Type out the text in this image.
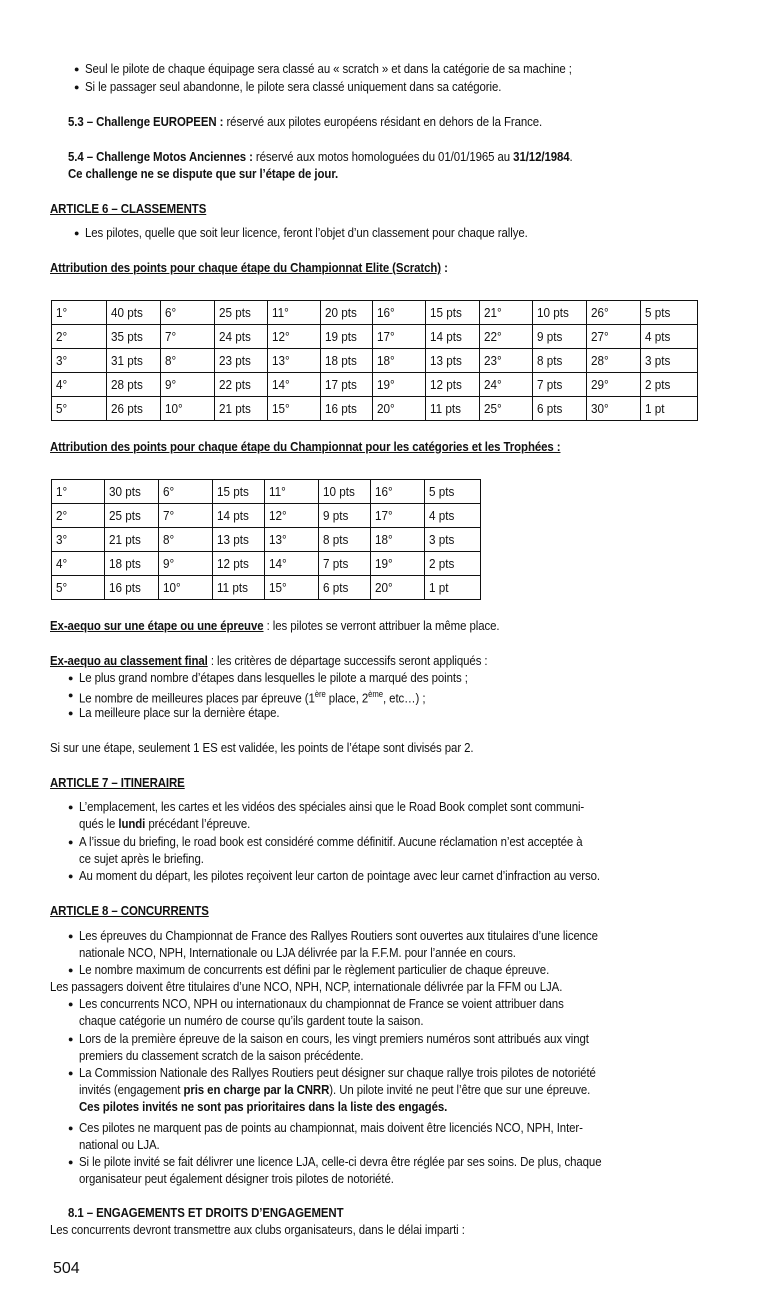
● Seul le pilote de chaque équipage sera classé au « scratch » et dans la catégorie de sa machine ;
● Si le passager seul abandonne, le pilote sera classé uniquement dans sa catégorie.
5.3 – Challenge EUROPEEN : réservé aux pilotes européens résidant en dehors de la France.
5.4 – Challenge Motos Anciennes : réservé aux motos homologuées du 01/01/1965 au 31/12/1984.
Ce challenge ne se dispute que sur l’étape de jour.
ARTICLE 6 – CLASSEMENTS
● Les pilotes, quelle que soit leur licence, feront l’objet d’un classement pour chaque rallye.
Attribution des points pour chaque étape du Championnat Elite (Scratch) :
1°	40 pts	6°	25 pts	11°	20 pts	16°	15 pts	21°	10 pts	26°	5 pts
2°	35 pts	7°	24 pts	12°	19 pts	17°	14 pts	22°	9 pts	27°	4 pts
3°	31 pts	8°	23 pts	13°	18 pts	18°	13 pts	23°	8 pts	28°	3 pts
4°	28 pts	9°	22 pts	14°	17 pts	19°	12 pts	24°	7 pts	29°	2 pts
5°	26 pts	10°	21 pts	15°	16 pts	20°	11 pts	25°	6 pts	30°	1 pt
Attribution des points pour chaque étape du Championnat pour les catégories et les Trophées :
1°	30 pts	6°	15 pts	11°	10 pts	16°	5 pts
2°	25 pts	7°	14 pts	12°	9 pts	17°	4 pts
3°	21 pts	8°	13 pts	13°	8 pts	18°	3 pts
4°	18 pts	9°	12 pts	14°	7 pts	19°	2 pts
5°	16 pts	10°	11 pts	15°	6 pts	20°	1 pt
Ex-aequo sur une étape ou une épreuve : les pilotes se verront attribuer la même place.
Ex-aequo au classement final : les critères de départage successifs seront appliqués :
● Le plus grand nombre d’étapes dans lesquelles le pilote a marqué des points ;
● Le nombre de meilleures places par épreuve (1ère place, 2ème, etc…) ;
● La meilleure place sur la dernière étape.
Si sur une étape, seulement 1 ES est validée, les points de l’étape sont divisés par 2.
ARTICLE 7 – ITINERAIRE
● L’emplacement, les cartes et les vidéos des spéciales ainsi que le Road Book complet sont communi-
qués le lundi précédant l’épreuve.
● A l’issue du briefing, le road book est considéré comme définitif. Aucune réclamation n’est acceptée à
ce sujet après le briefing.
● Au moment du départ, les pilotes reçoivent leur carton de pointage avec leur carnet d’infraction au verso.
ARTICLE 8 – CONCURRENTS
● Les épreuves du Championnat de France des Rallyes Routiers sont ouvertes aux titulaires d’une licence
nationale NCO, NPH, Internationale ou LJA délivrée par la F.F.M. pour l’année en cours.
● Le nombre maximum de concurrents est défini par le règlement particulier de chaque épreuve.
Les passagers doivent être titulaires d’une NCO, NPH, NCP, internationale délivrée par la FFM ou LJA.
● Les concurrents NCO, NPH ou internationaux du championnat de France se voient attribuer dans
chaque catégorie un numéro de course qu’ils gardent toute la saison.
● Lors de la première épreuve de la saison en cours, les vingt premiers numéros sont attribués aux vingt
premiers du classement scratch de la saison précédente.
● La Commission Nationale des Rallyes Routiers peut désigner sur chaque rallye trois pilotes de notoriété
invités (engagement pris en charge par la CNRR). Un pilote invité ne peut l’être que sur une épreuve.
Ces pilotes invités ne sont pas prioritaires dans la liste des engagés.
● Ces pilotes ne marquent pas de points au championnat, mais doivent être licenciés NCO, NPH, Inter-
national ou LJA.
● Si le pilote invité se fait délivrer une licence LJA, celle-ci devra être réglée par ses soins. De plus, chaque
organisateur peut également désigner trois pilotes de notoriété.
8.1 – ENGAGEMENTS ET DROITS D’ENGAGEMENT
Les concurrents devront transmettre aux clubs organisateurs, dans le délai imparti :
504
